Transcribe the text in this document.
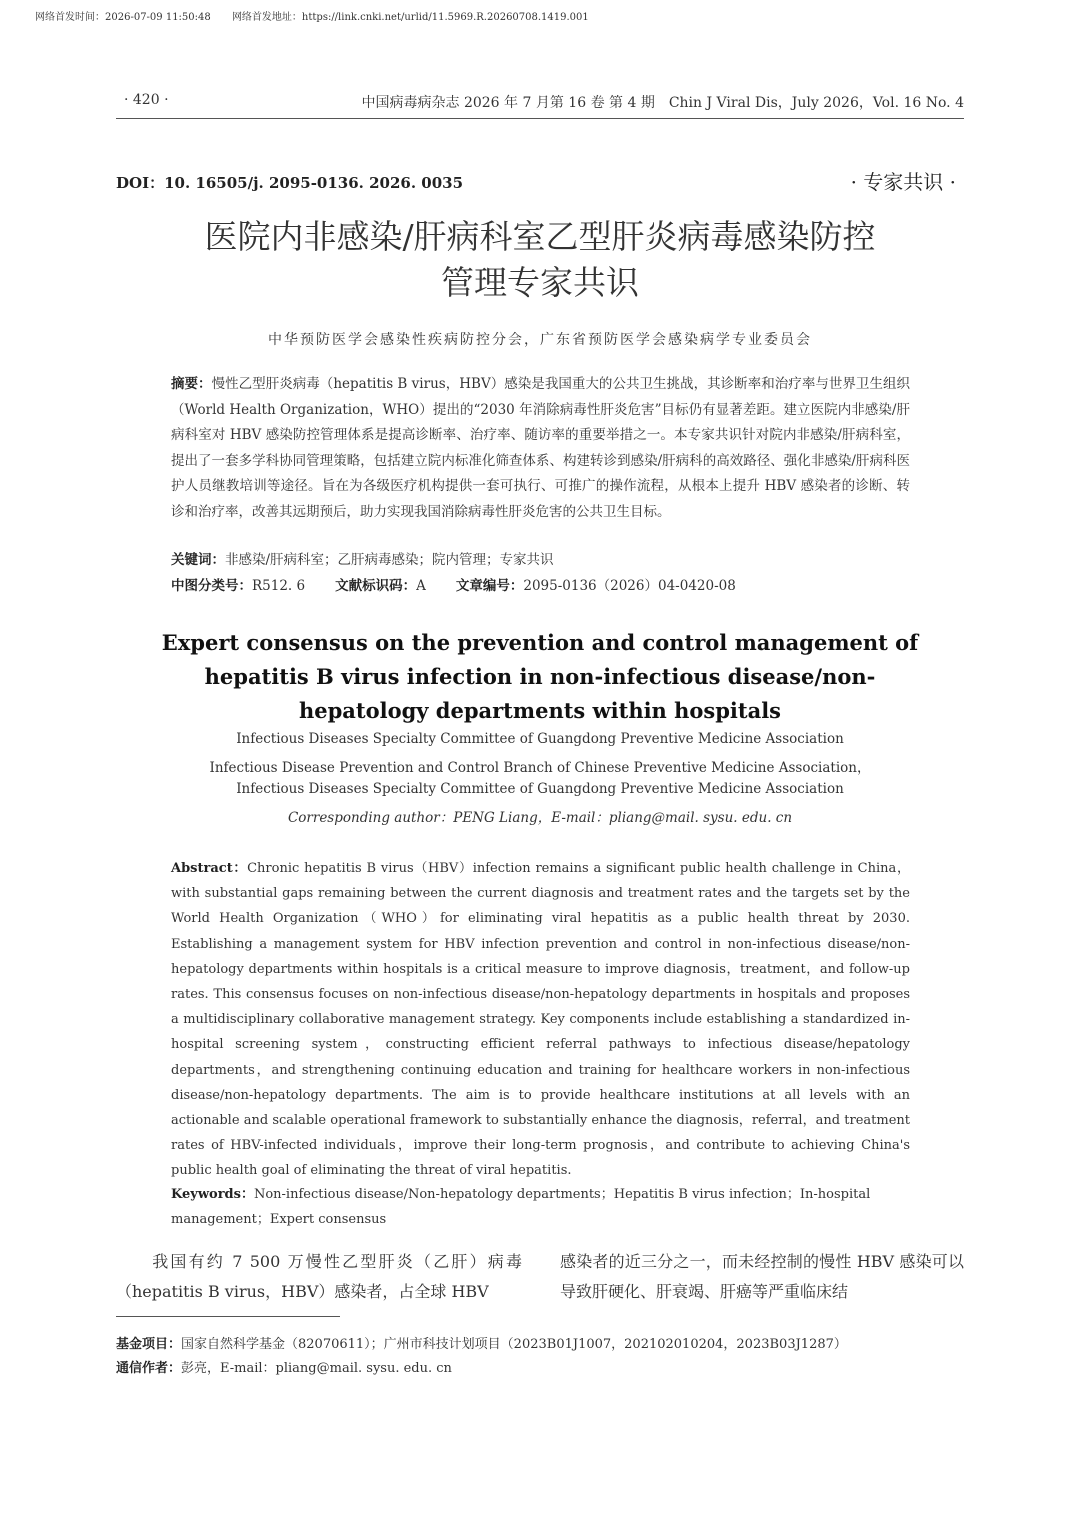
网络首发时间：2026-07-09 11:50:48 网络首发地址：https://link.cnki.net/urlid/11.5969.R.20260708.1419.001
· 420 ·	中国病毒病杂志 2026 年 7 月第 16 卷 第 4 期　Chin J Viral Dis，July 2026，Vol. 16 No. 4
DOI：10. 16505/j. 2095-0136. 2026. 0035	· 专家共识 ·
医院内非感染/肝病科室乙型肝炎病毒感染防控
管理专家共识
中华预防医学会感染性疾病防控分会，广东省预防医学会感染病学专业委员会
摘要：慢性乙型肝炎病毒（hepatitis B virus，HBV）感染是我国重大的公共卫生挑战，其诊断率和治疗率与世界卫生组织（World Health Organization，WHO）提出的“2030 年消除病毒性肝炎危害”目标仍有显著差距。建立医院内非感染/肝病科室对 HBV 感染防控管理体系是提高诊断率、治疗率、随访率的重要举措之一。本专家共识针对院内非感染/肝病科室，提出了一套多学科协同管理策略，包括建立院内标准化筛查体系、构建转诊到感染/肝病科的高效路径、强化非感染/肝病科医护人员继教培训等途径。旨在为各级医疗机构提供一套可执行、可推广的操作流程，从根本上提升 HBV 感染者的诊断、转诊和治疗率，改善其远期预后，助力实现我国消除病毒性肝炎危害的公共卫生目标。
关键词：非感染/肝病科室；乙肝病毒感染；院内管理；专家共识
中图分类号：R512. 6 文献标识码：A 文章编号：2095-0136（2026）04-0420-08
Expert consensus on the prevention and control management of
hepatitis B virus infection in non-infectious disease/non-
hepatology departments within hospitals
Infectious Diseases Specialty Committee of Guangdong Preventive Medicine Association
Infectious Disease Prevention and Control Branch of Chinese Preventive Medicine Association，
Infectious Diseases Specialty Committee of Guangdong Preventive Medicine Association
Corresponding author：PENG Liang，E-mail：pliang@mail. sysu. edu. cn
Abstract：Chronic hepatitis B virus（HBV）infection remains a significant public health challenge in China，with substantial gaps remaining between the current diagnosis and treatment rates and the targets set by the World Health Organization（WHO）for eliminating viral hepatitis as a public health threat by 2030. Establishing a management system for HBV infection prevention and control in non-infectious disease/non-hepatology departments within hospitals is a critical measure to improve diagnosis，treatment，and follow-up rates. This consensus focuses on non-infectious disease/non-hepatology departments in hospitals and proposes a multidisciplinary collaborative management strategy. Key components include establishing a standardized in-hospital screening system，constructing efficient referral pathways to infectious disease/hepatology departments，and strengthening continuing education and training for healthcare workers in non-infectious disease/non-hepatology departments. The aim is to provide healthcare institutions at all levels with an actionable and scalable operational framework to substantially enhance the diagnosis，referral，and treatment rates of HBV-infected individuals，improve their long-term prognosis，and contribute to achieving China's public health goal of eliminating the threat of viral hepatitis.
Keywords：Non-infectious disease/Non-hepatology departments；Hepatitis B virus infection；In-hospital management；Expert consensus
我国有约 7 500 万慢性乙型肝炎（乙肝）病毒（hepatitis B virus，HBV）感染者，占全球 HBV
感染者的近三分之一，而未经控制的慢性 HBV 感染可以导致肝硬化、肝衰竭、肝癌等严重临床结
基金项目：国家自然科学基金（82070611）；广州市科技计划项目（2023B01J1007，202102010204，2023B03J1287）
通信作者：彭亮，E-mail：pliang@mail. sysu. edu. cn
